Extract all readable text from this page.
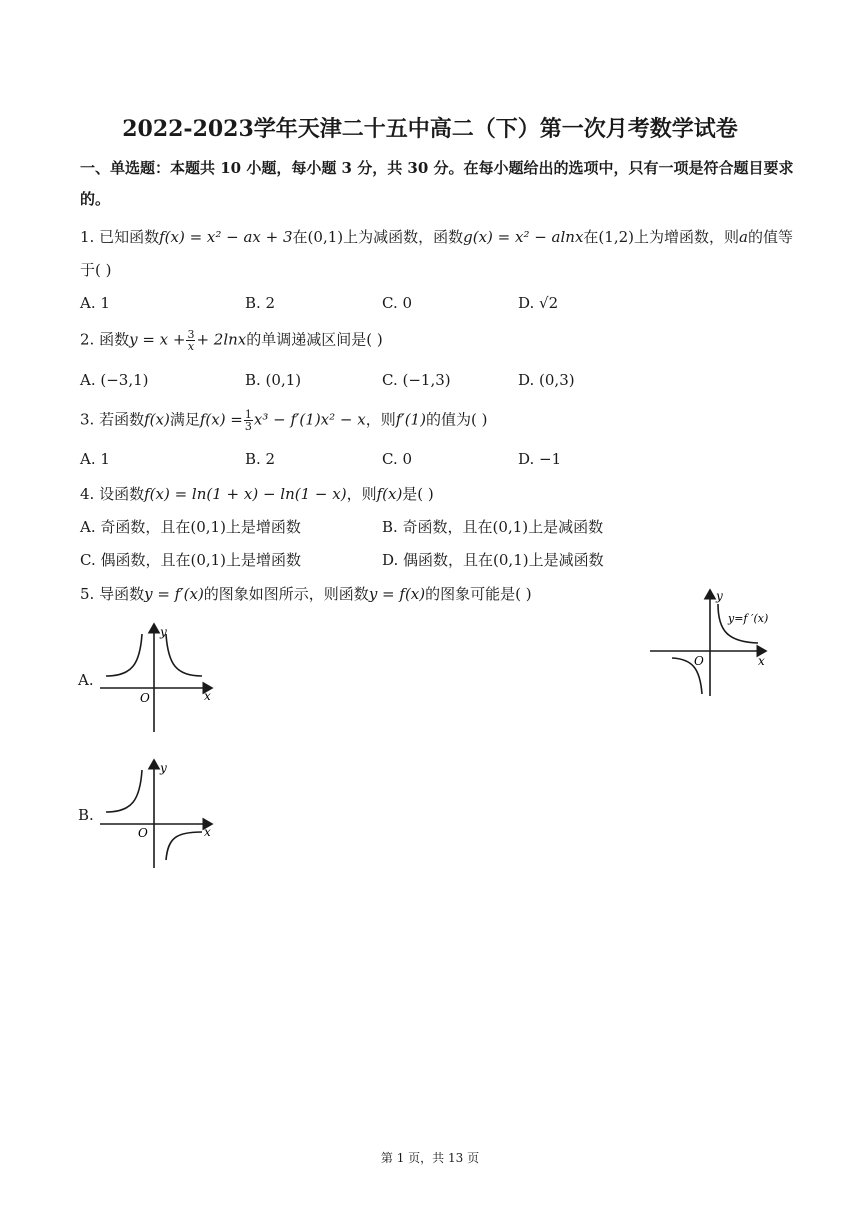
2022-2023学年天津二十五中高二（下）第一次月考数学试卷
一、单选题：本题共 10 小题，每小题 3 分，共 30 分。在每小题给出的选项中，只有一项是符合题目要求
的。
1. 已知函数f(x) = x² − ax + 3在(0,1)上为减函数，函数g(x) = x² − alnx在(1,2)上为增函数，则a的值等
于( )
A. 1	B. 2	C. 0	D. √2
2. 函数$y = x + \frac{3}{x} + 2\ln x$的单调递减区间是( )
A. (−3,1)	B. (0,1)	C. (−1,3)	D. (0,3)
3. 若函数f(x)满足$f(x) = \frac{1}{3} x^3 - f'(1)x^2 - x$，则f′(1)的值为( )
A. 1	B. 2	C. 0	D. −1
4. 设函数f(x) = ln(1 + x) − ln(1 − x)，则f(x)是( )
A. 奇函数，且在(0,1)上是增函数	B. 奇函数，且在(0,1)上是减函数
C. 偶函数，且在(0,1)上是增函数	D. 偶函数，且在(0,1)上是减函数
5. 导函数y = f′(x)的图象如图所示，则函数y = f(x)的图象可能是( )	y
x
O
y=f ′(x)
A.
y
x
O
B.
y
x
O
第 1 页，共 13 页
